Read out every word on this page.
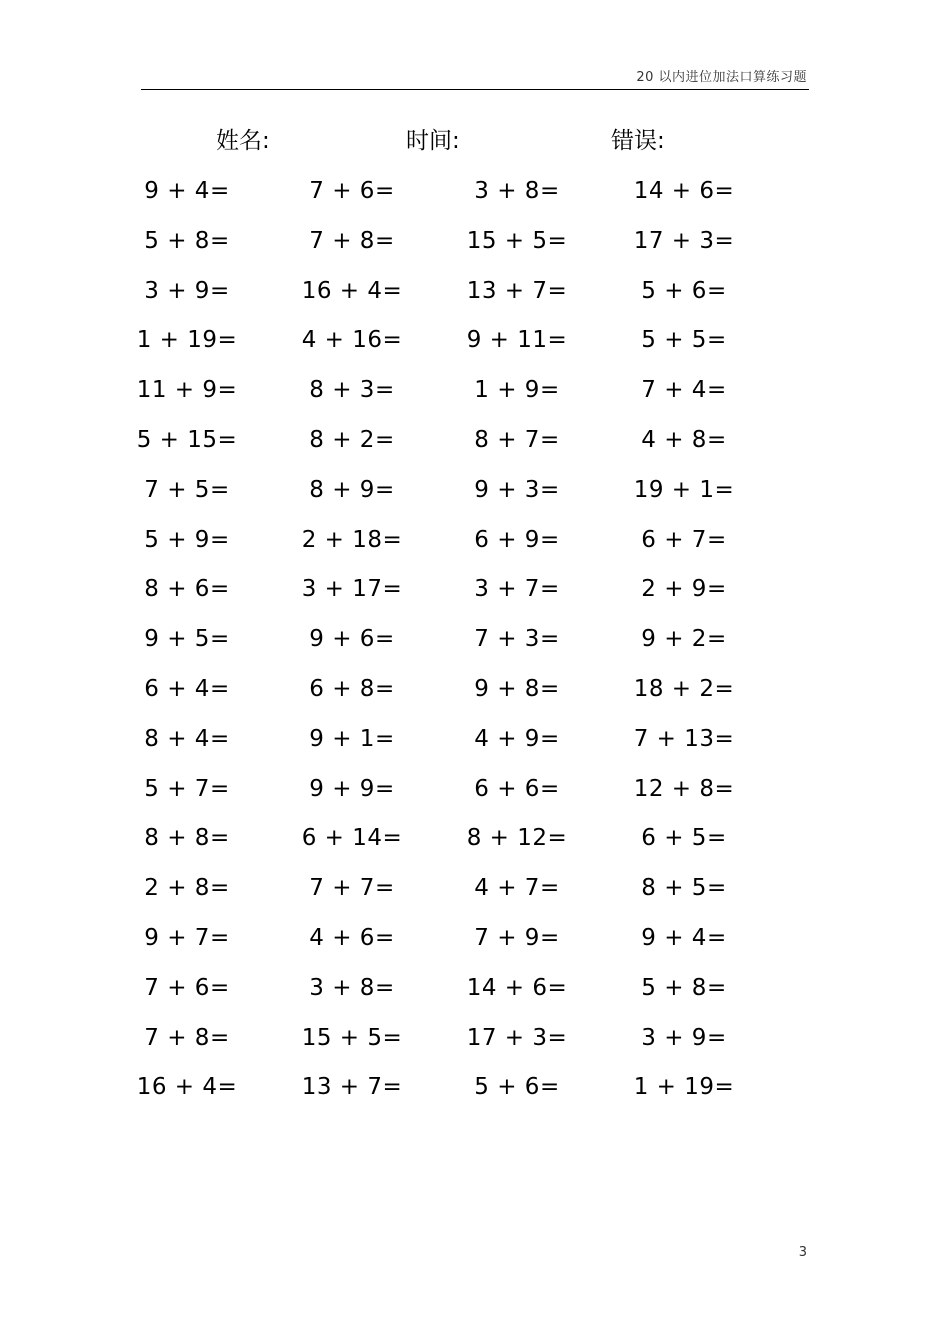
20 以内进位加法口算练习题
姓名:	时间:	错误:
9 + 4=	7 + 6=	3 + 8=	14 + 6=
5 + 8=	7 + 8=	15 + 5=	17 + 3=
3 + 9=	16 + 4=	13 + 7=	5 + 6=
1 + 19=	4 + 16=	9 + 11=	5 + 5=
11 + 9=	8 + 3=	1 + 9=	7 + 4=
5 + 15=	8 + 2=	8 + 7=	4 + 8=
7 + 5=	8 + 9=	9 + 3=	19 + 1=
5 + 9=	2 + 18=	6 + 9=	6 + 7=
8 + 6=	3 + 17=	3 + 7=	2 + 9=
9 + 5=	9 + 6=	7 + 3=	9 + 2=
6 + 4=	6 + 8=	9 + 8=	18 + 2=
8 + 4=	9 + 1=	4 + 9=	7 + 13=
5 + 7=	9 + 9=	6 + 6=	12 + 8=
8 + 8=	6 + 14=	8 + 12=	6 + 5=
2 + 8=	7 + 7=	4 + 7=	8 + 5=
9 + 7=	4 + 6=	7 + 9=	9 + 4=
7 + 6=	3 + 8=	14 + 6=	5 + 8=
7 + 8=	15 + 5=	17 + 3=	3 + 9=
16 + 4=	13 + 7=	5 + 6=	1 + 19=
3
